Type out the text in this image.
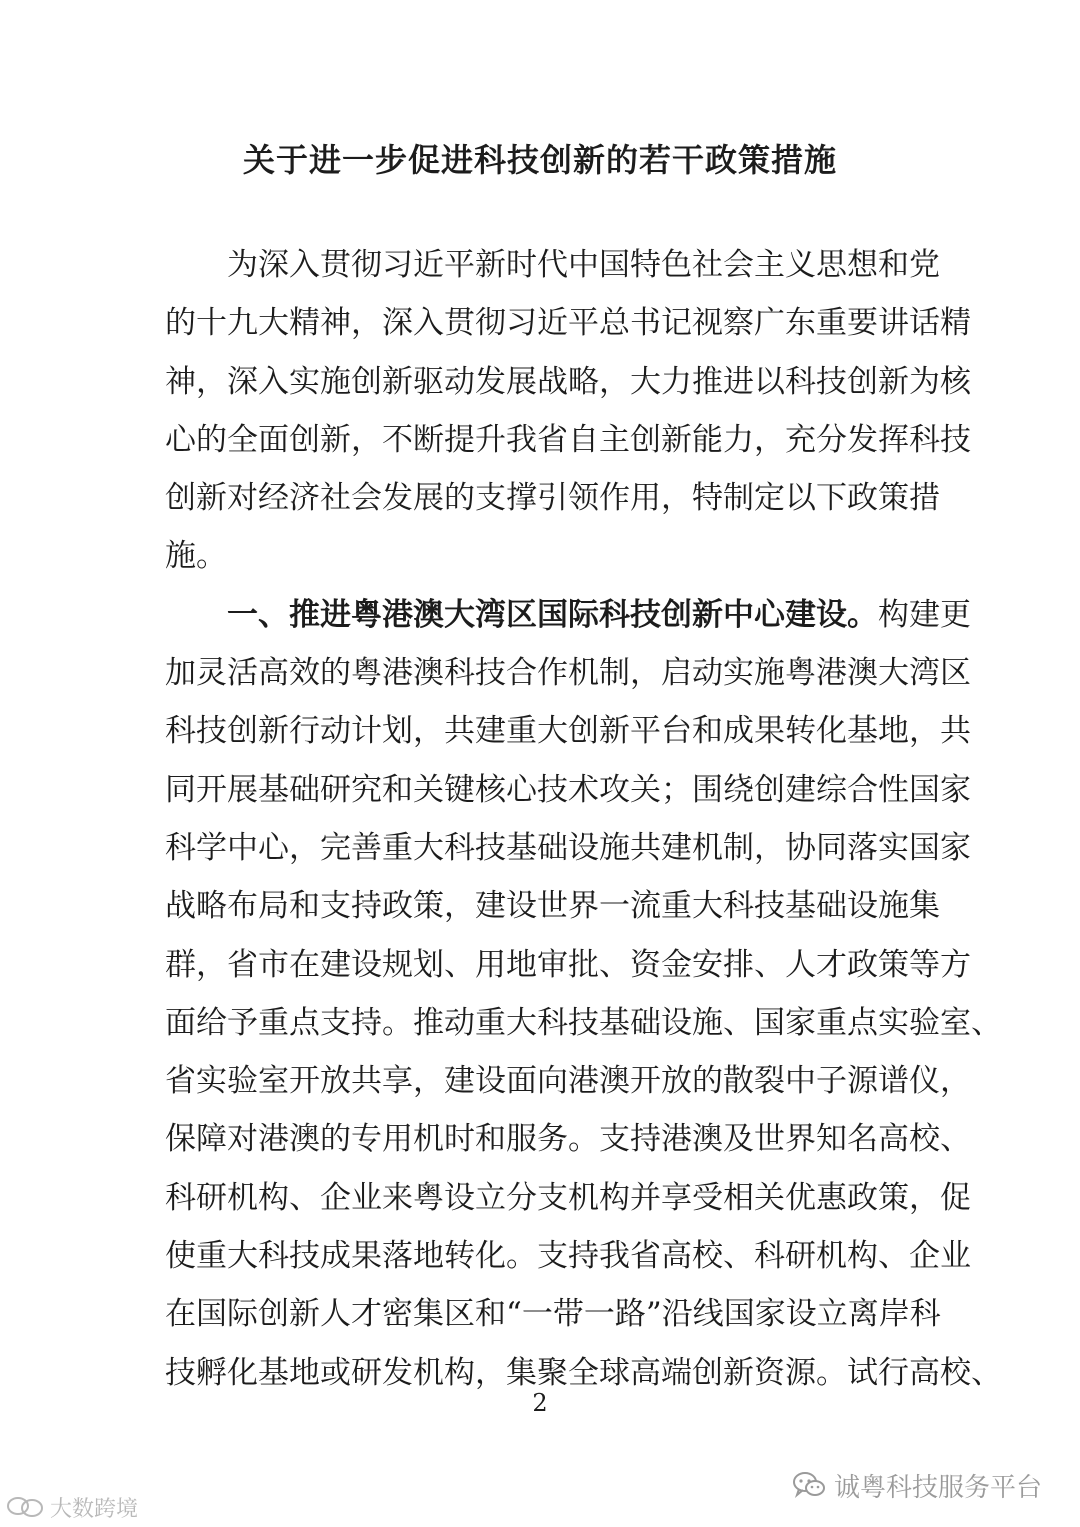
关于进一步促进科技创新的若干政策措施
为深入贯彻习近平新时代中国特色社会主义思想和党
的十九大精神，深入贯彻习近平总书记视察广东重要讲话精
神，深入实施创新驱动发展战略，大力推进以科技创新为核
心的全面创新，不断提升我省自主创新能力，充分发挥科技
创新对经济社会发展的支撑引领作用，特制定以下政策措
施。
一、推进粤港澳大湾区国际科技创新中心建设。构建更
加灵活高效的粤港澳科技合作机制，启动实施粤港澳大湾区
科技创新行动计划，共建重大创新平台和成果转化基地，共
同开展基础研究和关键核心技术攻关；围绕创建综合性国家
科学中心，完善重大科技基础设施共建机制，协同落实国家
战略布局和支持政策，建设世界一流重大科技基础设施集
群，省市在建设规划、用地审批、资金安排、人才政策等方
面给予重点支持。推动重大科技基础设施、国家重点实验室、
省实验室开放共享，建设面向港澳开放的散裂中子源谱仪，
保障对港澳的专用机时和服务。支持港澳及世界知名高校、
科研机构、企业来粤设立分支机构并享受相关优惠政策，促
使重大科技成果落地转化。支持我省高校、科研机构、企业
在国际创新人才密集区和“一带一路”沿线国家设立离岸科
技孵化基地或研发机构，集聚全球高端创新资源。试行高校、
2
诚粤科技服务平台
大数跨境
